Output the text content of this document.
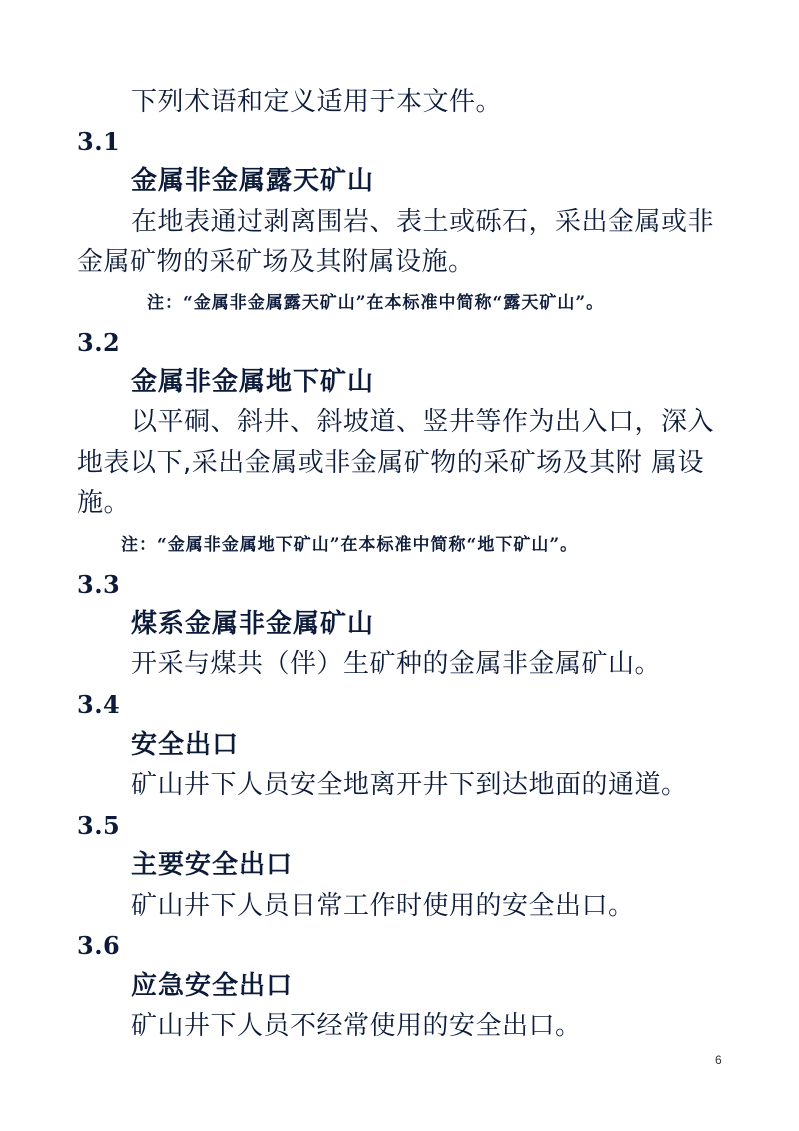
下列术语和定义适用于本文件。
3.1
金属非金属露天矿山
在地表通过剥离围岩、表土或砾石，采出金属或非
金属矿物的采矿场及其附属设施。
注：“金属非金属露天矿山”在本标准中简称“露天矿山”。
3.2
金属非金属地下矿山
以平硐、斜井、斜坡道、竖井等作为出入口，深入
地表以下,采出金属或非金属矿物的采矿场及其附 属设
施。
注：“金属非金属地下矿山”在本标准中简称“地下矿山”。
3.3
煤系金属非金属矿山
开采与煤共（伴）生矿种的金属非金属矿山。
3.4
安全出口
矿山井下人员安全地离开井下到达地面的通道。
3.5
主要安全出口
矿山井下人员日常工作时使用的安全出口。
3.6
应急安全出口
矿山井下人员不经常使用的安全出口。
6
